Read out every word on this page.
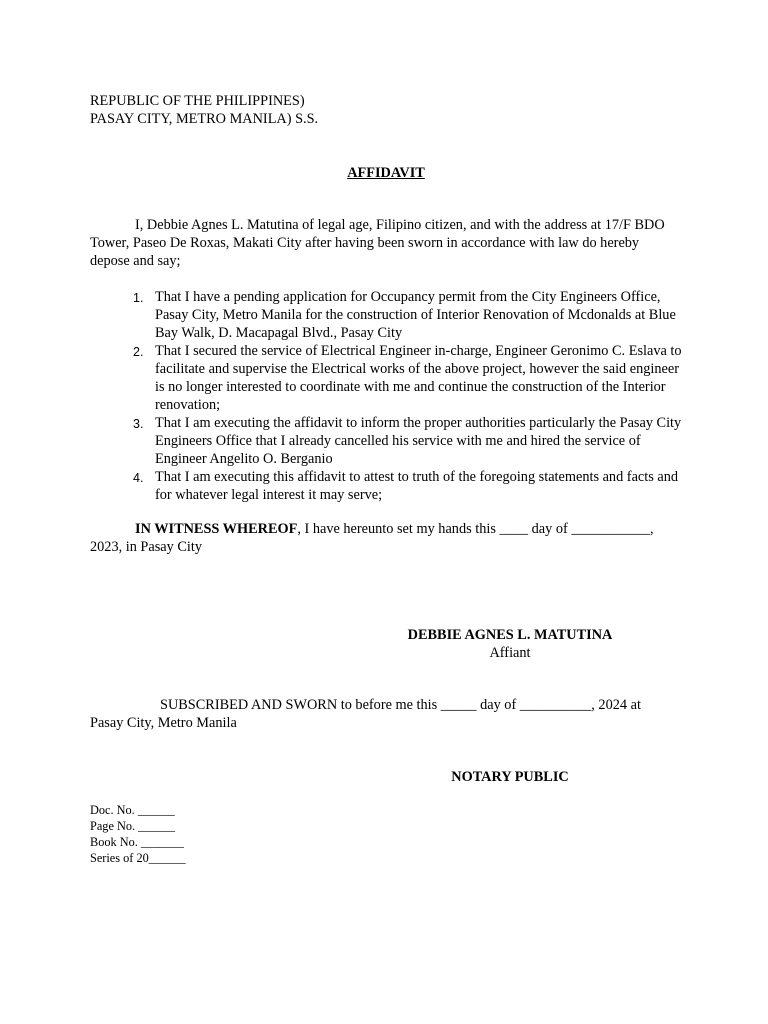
REPUBLIC OF THE PHILIPPINES)
PASAY CITY, METRO MANILA) S.S.
AFFIDAVIT

I, Debbie Agnes L. Matutina of legal age, Filipino citizen, and with the address at 17/F BDO Tower, Paseo De Roxas, Makati City after having been sworn in accordance with law do hereby depose and say;

1. That I have a pending application for Occupancy permit from the City Engineers Office, Pasay City, Metro Manila for the construction of Interior Renovation of Mcdonalds at Blue Bay Walk, D. Macapagal Blvd., Pasay City
2. That I secured the service of Electrical Engineer in-charge, Engineer Geronimo C. Eslava to facilitate and supervise the Electrical works of the above project, however the said engineer is no longer interested to coordinate with me and continue the construction of the Interior renovation;
3. That I am executing the affidavit to inform the proper authorities particularly the Pasay City Engineers Office that I already cancelled his service with me and hired the service of Engineer Angelito O. Berganio
4. That I am executing this affidavit to attest to truth of the foregoing statements and facts and for whatever legal interest it may serve;

IN WITNESS WHEREOF, I have hereunto set my hands this ____ day of ___________, 2023, in Pasay City

DEBBIE AGNES L. MATUTINA
Affiant

SUBSCRIBED AND SWORN to before me this _____ day of __________, 2024 at Pasay City, Metro Manila

NOTARY PUBLIC
Doc. No. ______
Page No. ______
Book No. _______
Series of 20______
